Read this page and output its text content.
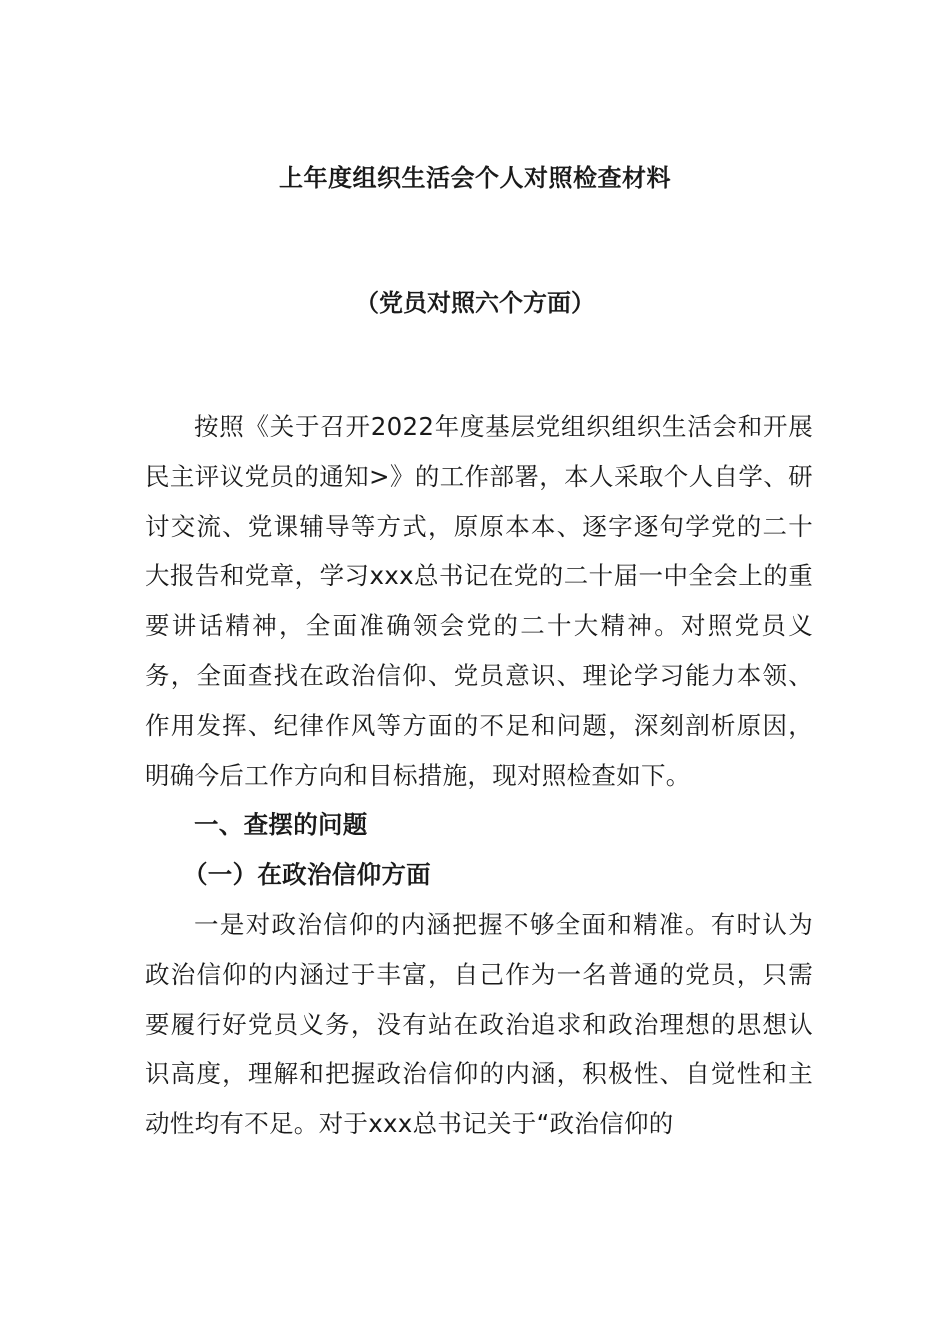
上年度组织生活会个人对照检查材料
（党员对照六个方面）

按照《关于召开2022年度基层党组织组织生活会和开展民主评议党员的通知>》的工作部署，本人采取个人自学、研讨交流、党课辅导等方式，原原本本、逐字逐句学党的二十大报告和党章，学习xxx总书记在党的二十届一中全会上的重要讲话精神，全面准确领会党的二十大精神。对照党员义务，全面查找在政治信仰、党员意识、理论学习能力本领、作用发挥、纪律作风等方面的不足和问题，深刻剖析原因，明确今后工作方向和目标措施，现对照检查如下。

一、查摆的问题

（一）在政治信仰方面

一是对政治信仰的内涵把握不够全面和精准。有时认为政治信仰的内涵过于丰富，自己作为一名普通的党员，只需要履行好党员义务，没有站在政治追求和政治理想的思想认识高度，理解和把握政治信仰的内涵，积极性、自觉性和主动性均有不足。对于xxx总书记关于“政治信仰的
